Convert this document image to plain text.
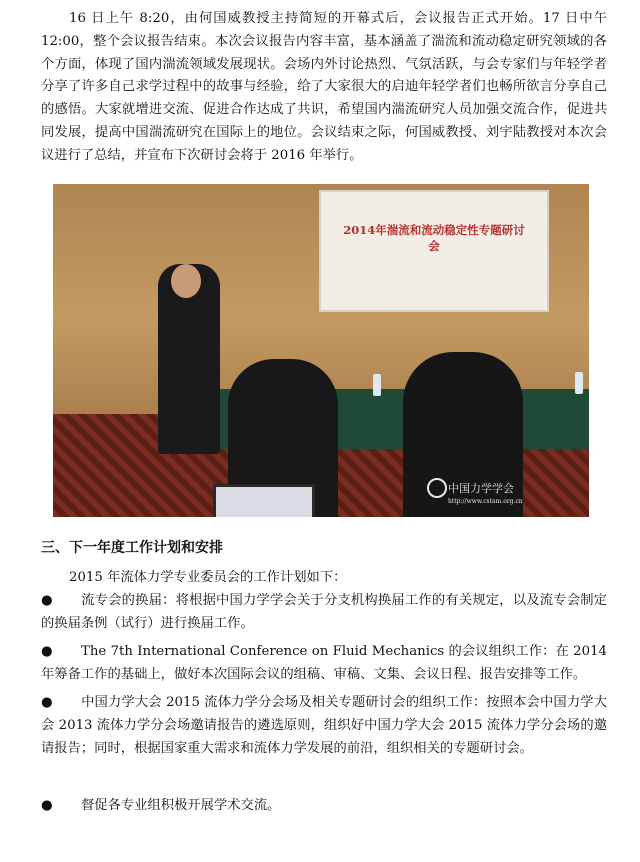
16 日上午 8:20，由何国威教授主持简短的开幕式后，会议报告正式开始。17 日中午 12:00，整个会议报告结束。本次会议报告内容丰富，基本涵盖了湍流和流动稳定研究领域的各个方面，体现了国内湍流领域发展现状。会场内外讨论热烈、气氛活跃，与会专家们与年轻学者分享了许多自己求学过程中的故事与经验，给了大家很大的启迪年轻学者们也畅所欲言分享自己的感悟。大家就增进交流、促进合作达成了共识，希望国内湍流研究人员加强交流合作，促进共同发展，提高中国湍流研究在国际上的地位。会议结束之际，何国威教授、刘宇陆教授对本次会议进行了总结，并宣布下次研讨会将于 2016 年举行。
2014年湍流和流动稳定性专题研讨会
中国力学学会
http://www.cstam.org.cn
三、下一年度工作计划和安排
2015 年流体力学专业委员会的工作计划如下：
● 流专会的换届：将根据中国力学学会关于分支机构换届工作的有关规定，以及流专会制定的换届条例（试行）进行换届工作。
● The 7th International Conference on Fluid Mechanics 的会议组织工作：在 2014 年筹备工作的基础上，做好本次国际会议的组稿、审稿、文集、会议日程、报告安排等工作。
● 中国力学大会 2015 流体力学分会场及相关专题研讨会的组织工作：按照本会中国力学大会 2013 流体力学分会场邀请报告的遴选原则，组织好中国力学大会 2015 流体力学分会场的邀请报告；同时，根据国家重大需求和流体力学发展的前沿，组织相关的专题研讨会。
● 督促各专业组积极开展学术交流。
